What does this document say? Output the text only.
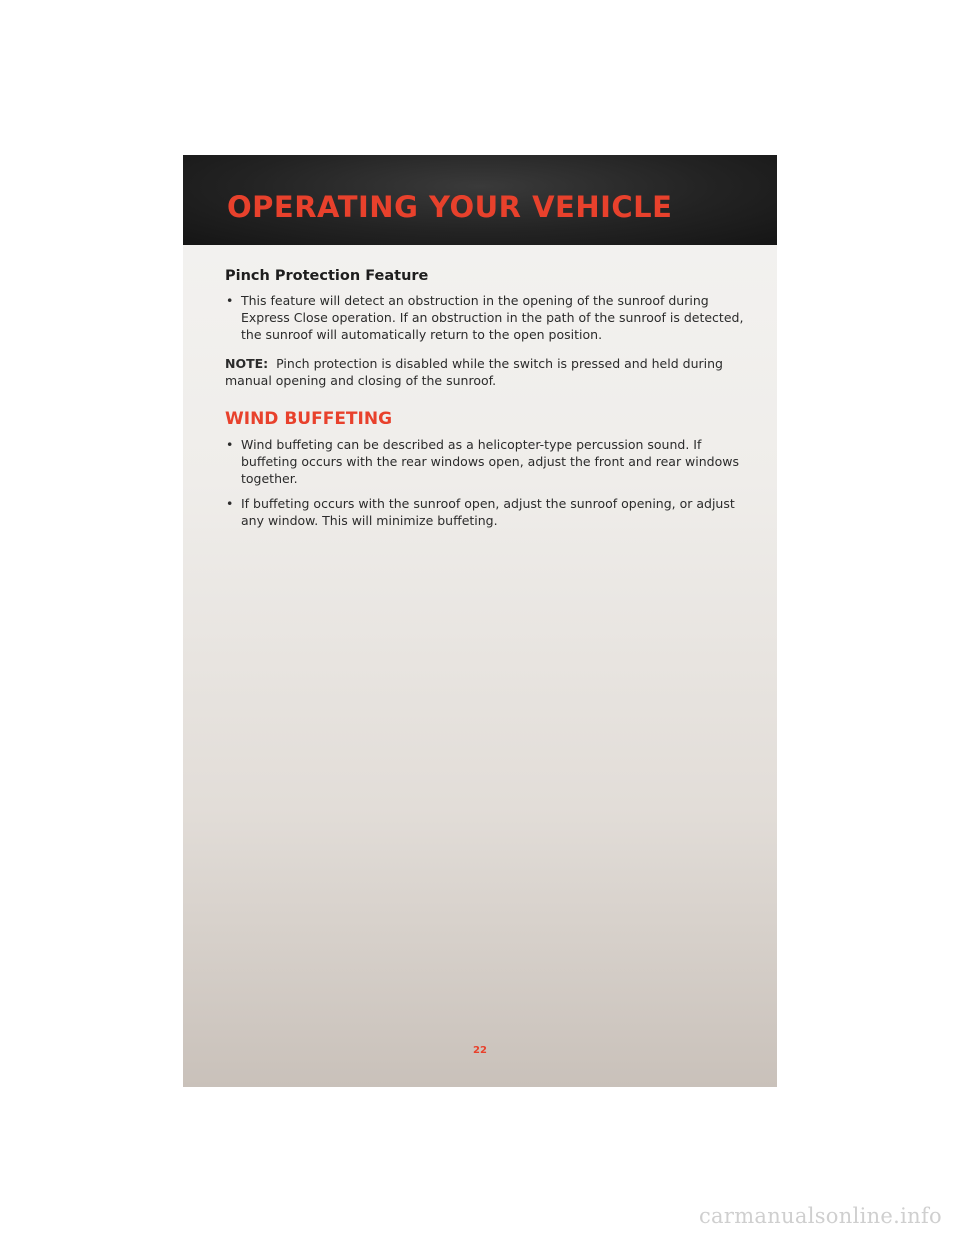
OPERATING YOUR VEHICLE
Pinch Protection Feature
• This feature will detect an obstruction in the opening of the sunroof during Express Close operation. If an obstruction in the path of the sunroof is detected, the sunroof will automatically return to the open position.
NOTE: Pinch protection is disabled while the switch is pressed and held during manual opening and closing of the sunroof.
WIND BUFFETING
• Wind buffeting can be described as a helicopter-type percussion sound. If buffeting occurs with the rear windows open, adjust the front and rear windows together.
• If buffeting occurs with the sunroof open, adjust the sunroof opening, or adjust any window. This will minimize buffeting.
22
carmanualsonline.info
